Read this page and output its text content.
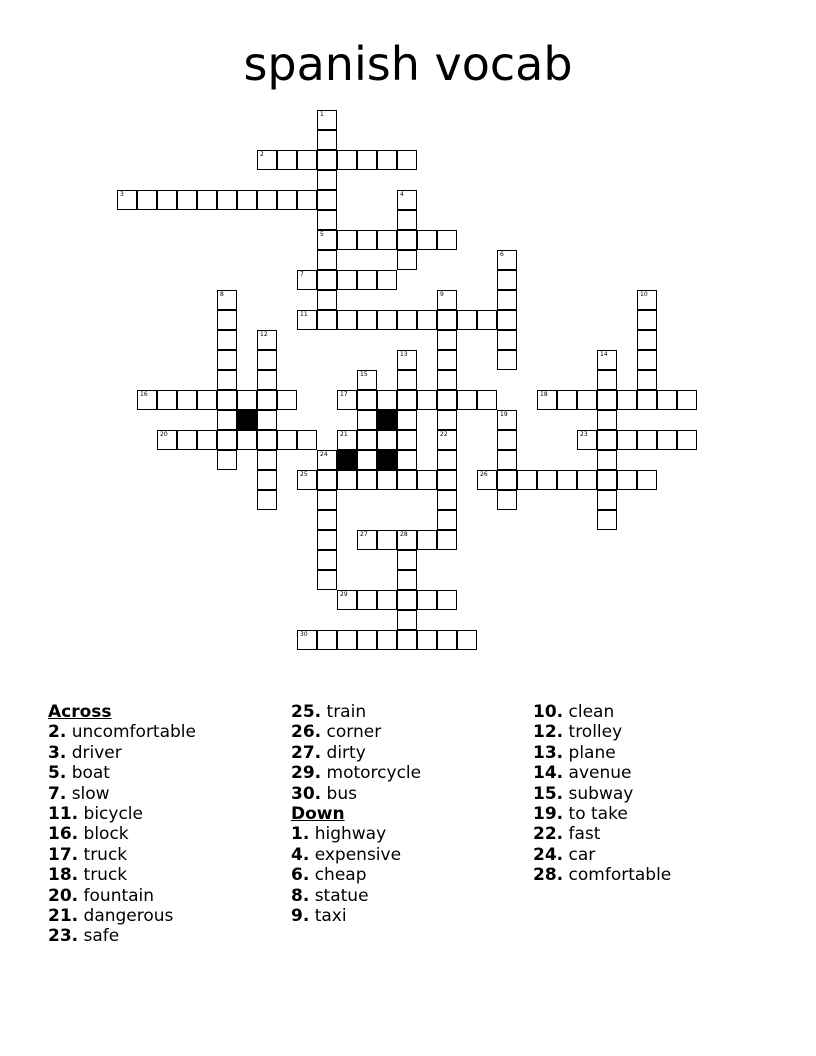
spanish vocab
2
3
5
7
11
16	17	18
20	21	23
25	26
27	28
29
30
1
4
6
8	9
22
10
12
13	14
15
19
24
Across
2. uncomfortable
3. driver
5. boat
7. slow
11. bicycle
16. block
17. truck
18. truck
20. fountain
21. dangerous
23. safe
25. train
26. corner
27. dirty
29. motorcycle
30. bus
Down
1. highway
4. expensive
6. cheap
8. statue
9. taxi
10. clean
12. trolley
13. plane
14. avenue
15. subway
19. to take
22. fast
24. car
28. comfortable
